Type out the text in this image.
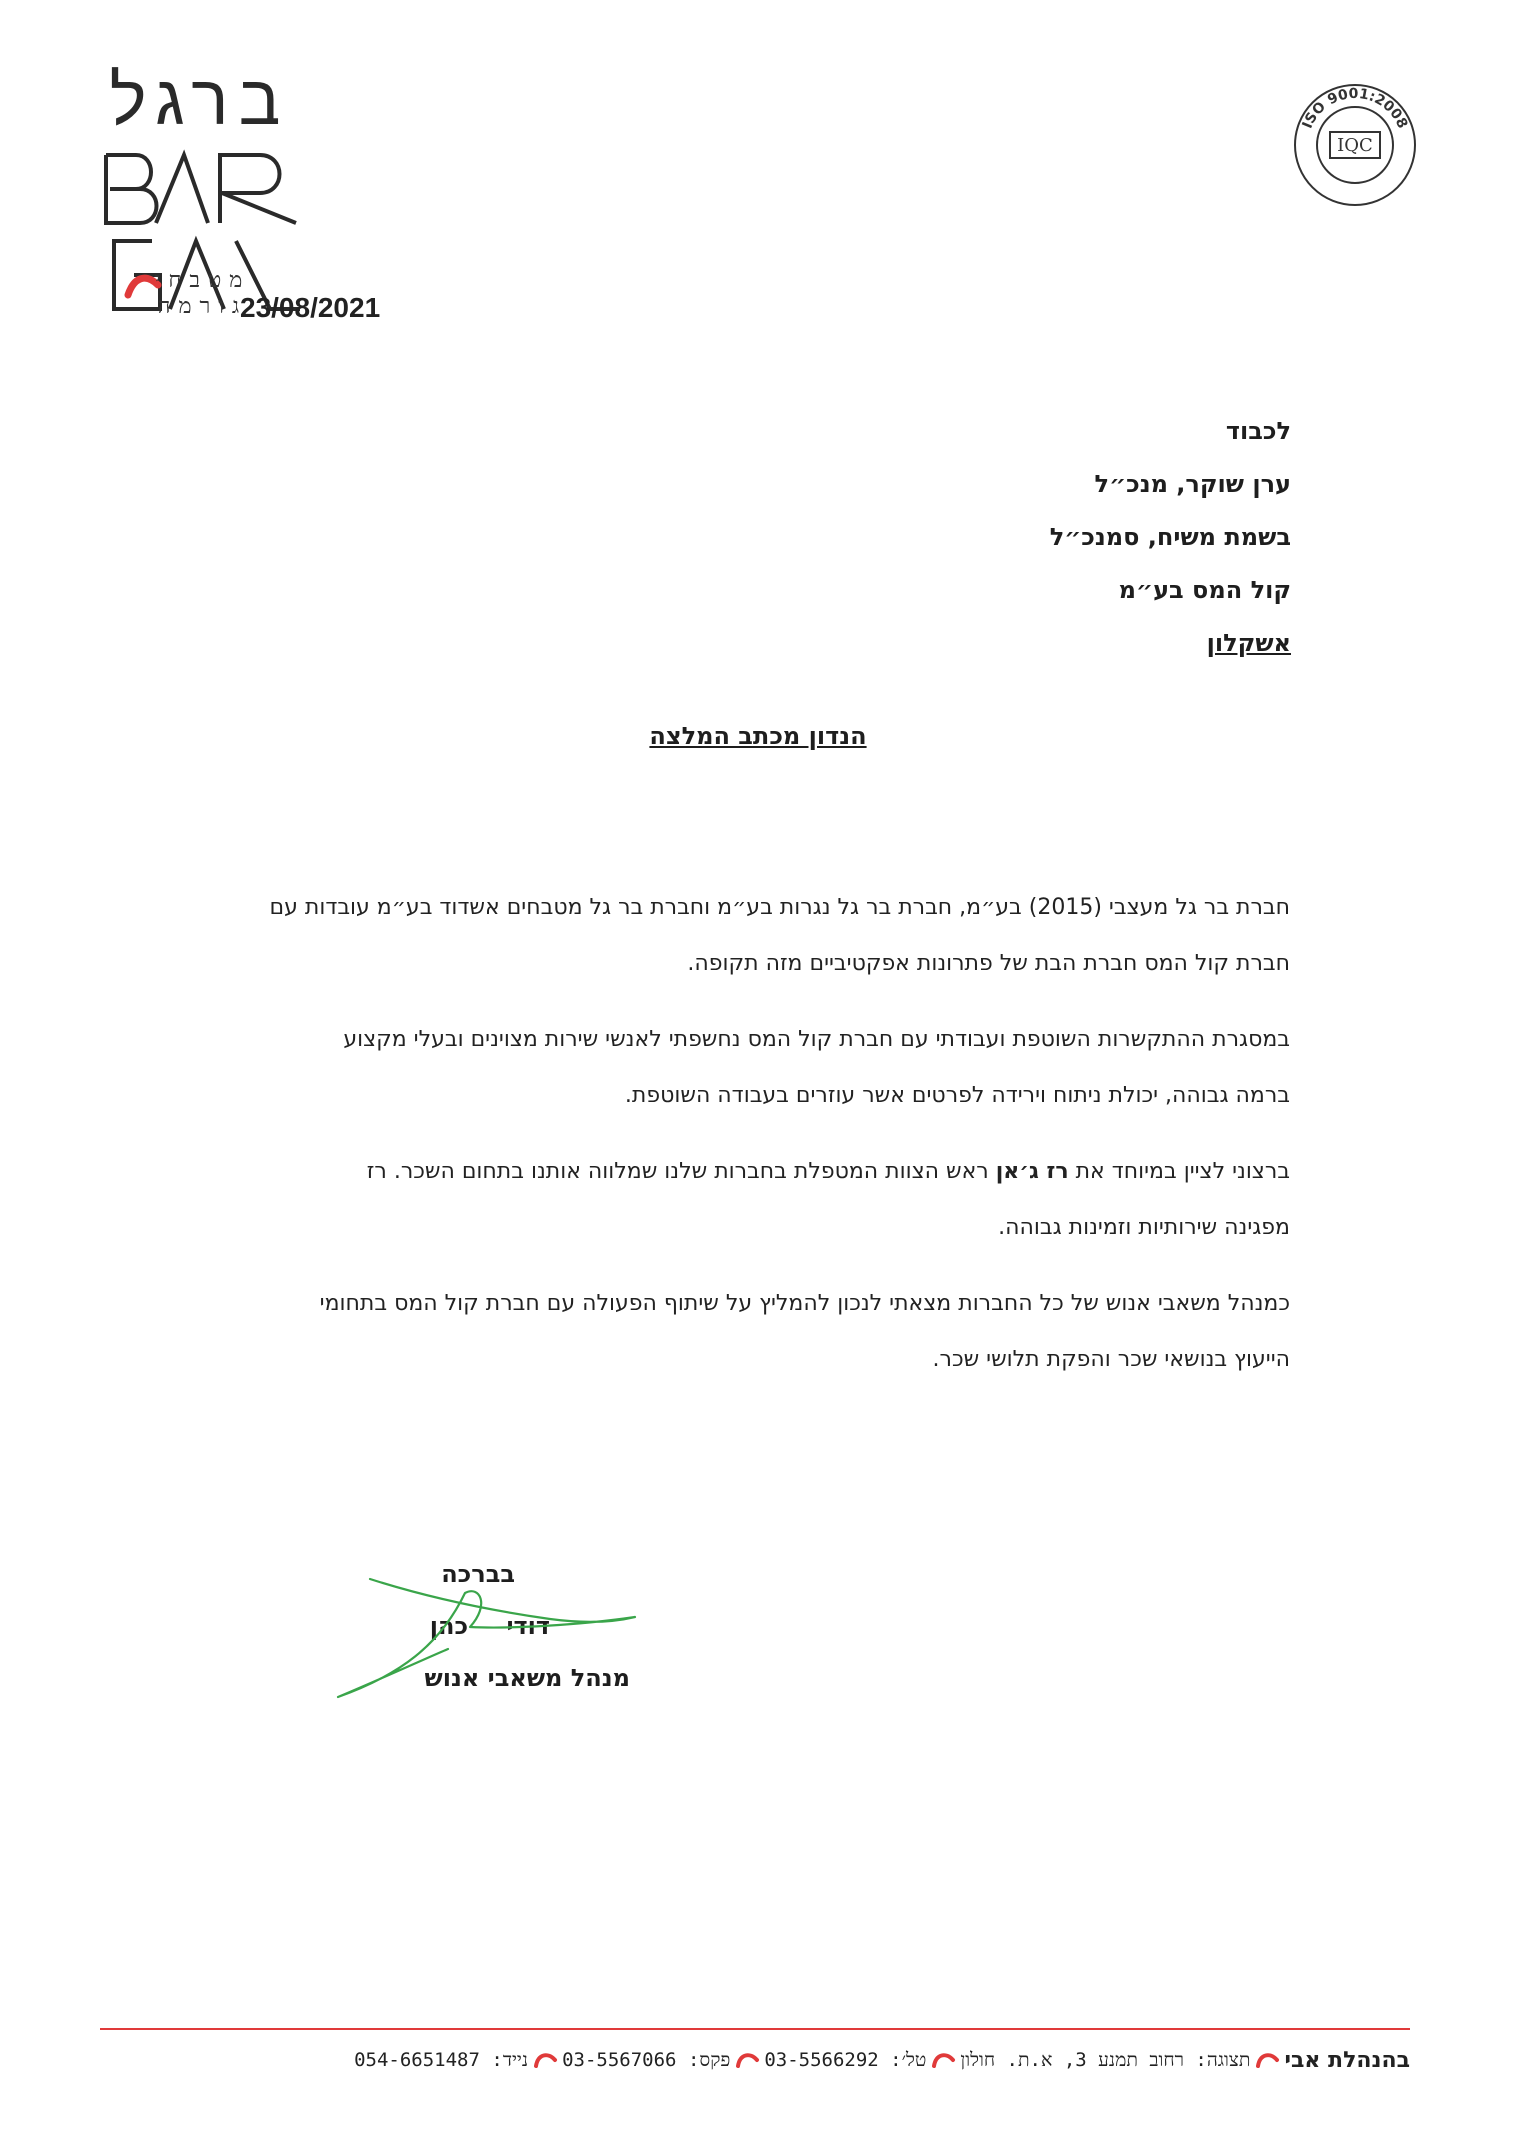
ברגל
מטבחי גורמה
23/08/2021
ISO 9001:2008
IQC
לכבוד
ערן שוקר, מנכ״ל
בשמת משיח, סמנכ״ל
קול המס בע״מ
אשקלון
הנדון מכתב המלצה
חברת בר גל מעצבי (2015) בע״מ, חברת בר גל נגרות בע״מ וחברת בר גל מטבחים אשדוד בע״מ עובדות עם
חברת קול המס חברת הבת של פתרונות אפקטיביים מזה תקופה.
במסגרת ההתקשרות השוטפת ועבודתי עם חברת קול המס נחשפתי לאנשי שירות מצוינים ובעלי מקצוע
ברמה גבוהה, יכולת ניתוח וירידה לפרטים אשר עוזרים בעבודה השוטפת.
ברצוני לציין במיוחד את רז ג׳אן ראש הצוות המטפלת בחברות שלנו שמלווה אותנו בתחום השכר. רז
מפגינה שירותיות וזמינות גבוהה.
כמנהל משאבי אנוש של כל החברות מצאתי לנכון להמליץ על שיתוף הפעולה עם חברת קול המס בתחומי
הייעוץ בנושאי שכר והפקת תלושי שכר.
בברכה
דודי כהן
מנהל משאבי אנוש
בהנהלת אבי
תצוגה: רחוב תמנע 3, א.ת. חולון
טל׳:

03-5566292
פקס:

03-5567066
נייד:

054-6651487
